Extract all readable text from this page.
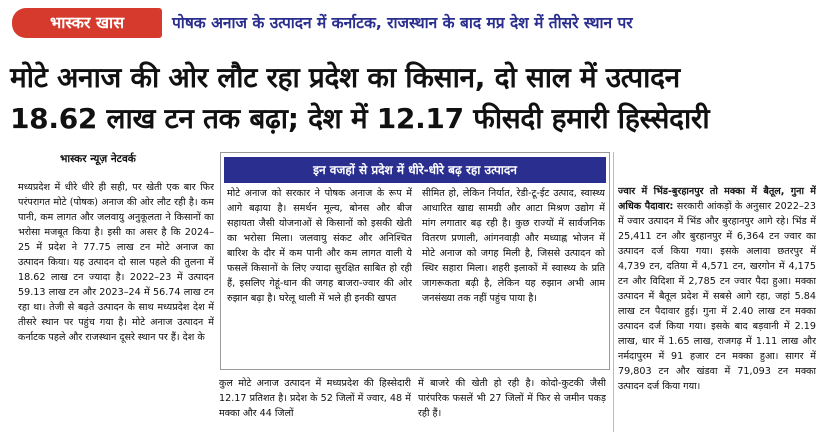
भास्कर खास	पोषक अनाज के उत्पादन में कर्नाटक, राजस्थान के बाद मप्र देश में तीसरे स्थान पर
मोटे अनाज की ओर लौट रहा प्रदेश का किसान, दो साल में उत्पादन
18.62 लाख टन तक बढ़ा; देश में 12.17 फीसदी हमारी हिस्सेदारी
भास्कर न्यूज़ नेटवर्क
मध्यप्रदेश में धीरे धीरे ही सही, पर खेती एक बार फिर परंपरागत मोटे (पोषक) अनाज की ओर लौट रही है। कम पानी, कम लागत और जलवायु अनुकूलता ने किसानों का भरोसा मजबूत किया है। इसी का असर है कि 2024–25 में प्रदेश ने 77.75 लाख टन मोटे अनाज का उत्पादन किया। यह उत्पादन दो साल पहले की तुलना में 18.62 लाख टन ज्यादा है। 2022–23 में उत्पादन 59.13 लाख टन और 2023–24 में 56.74 लाख टन रहा था। तेजी से बढ़ते उत्पादन के साथ मध्यप्रदेश देश में तीसरे स्थान पर पहुंच गया है। मोटे अनाज उत्पादन में कर्नाटक पहले और राजस्थान दूसरे स्थान पर हैं। देश के
इन वजहों से प्रदेश में धीरे-धीरे बढ़ रहा उत्पादन
मोटे अनाज को सरकार ने पोषक अनाज के रूप में आगे बढ़ाया है। समर्थन मूल्य, बोनस और बीज सहायता जैसी योजनाओं से किसानों को इसकी खेती का भरोसा मिला। जलवायु संकट और अनिश्चित बारिश के दौर में कम पानी और कम लागत वाली ये फसलें किसानों के लिए ज्यादा सुरक्षित साबित हो रही हैं, इसलिए गेहूं-धान की जगह बाजरा-ज्वार की ओर रुझान बढ़ा है। घरेलू थाली में भले ही इनकी खपत
सीमित हो, लेकिन निर्यात, रेडी-टू-ईट उत्पाद, स्वास्थ्य आधारित खाद्य सामग्री और आटा मिश्रण उद्योग में मांग लगातार बढ़ रही है। कुछ राज्यों में सार्वजनिक वितरण प्रणाली, आंगनवाड़ी और मध्याह्न भोजन में मोटे अनाज को जगह मिली है, जिससे उत्पादन को स्थिर सहारा मिला। शहरी इलाकों में स्वास्थ्य के प्रति जागरूकता बढ़ी है, लेकिन यह रुझान अभी आम जनसंख्या तक नहीं पहुंच पाया है।
कुल मोटे अनाज उत्पादन में मध्यप्रदेश की हिस्सेदारी 12.17 प्रतिशत है। प्रदेश के 52 जिलों में ज्वार, 48 में मक्का और 44 जिलों
में बाजरे की खेती हो रही है। कोदो-कुटकी जैसी पारंपरिक फसलें भी 27 जिलों में फिर से जमीन पकड़ रही हैं।
ज्वार में भिंड-बुरहानपुर तो मक्का में बैतूल, गुना में अधिक पैदावार: सरकारी आंकड़ों के अनुसार 2022–23 में ज्वार उत्पादन में भिंड और बुरहानपुर आगे रहे। भिंड में 25,411 टन और बुरहानपुर में 6,364 टन ज्वार का उत्पादन दर्ज किया गया। इसके अलावा छतरपुर में 4,739 टन, दतिया में 4,571 टन, खरगोन में 4,175 टन और विदिशा में 2,785 टन ज्वार पैदा हुआ। मक्का उत्पादन में बैतूल प्रदेश में सबसे आगे रहा, जहां 5.84 लाख टन पैदावार हुई। गुना में 2.40 लाख टन मक्का उत्पादन दर्ज किया गया। इसके बाद बड़वानी में 2.19 लाख, धार में 1.65 लाख, राजगढ़ में 1.11 लाख और नर्मदापुरम में 91 हजार टन मक्का हुआ। सागर में 79,803 टन और खंडवा में 71,093 टन मक्का उत्पादन दर्ज किया गया।
